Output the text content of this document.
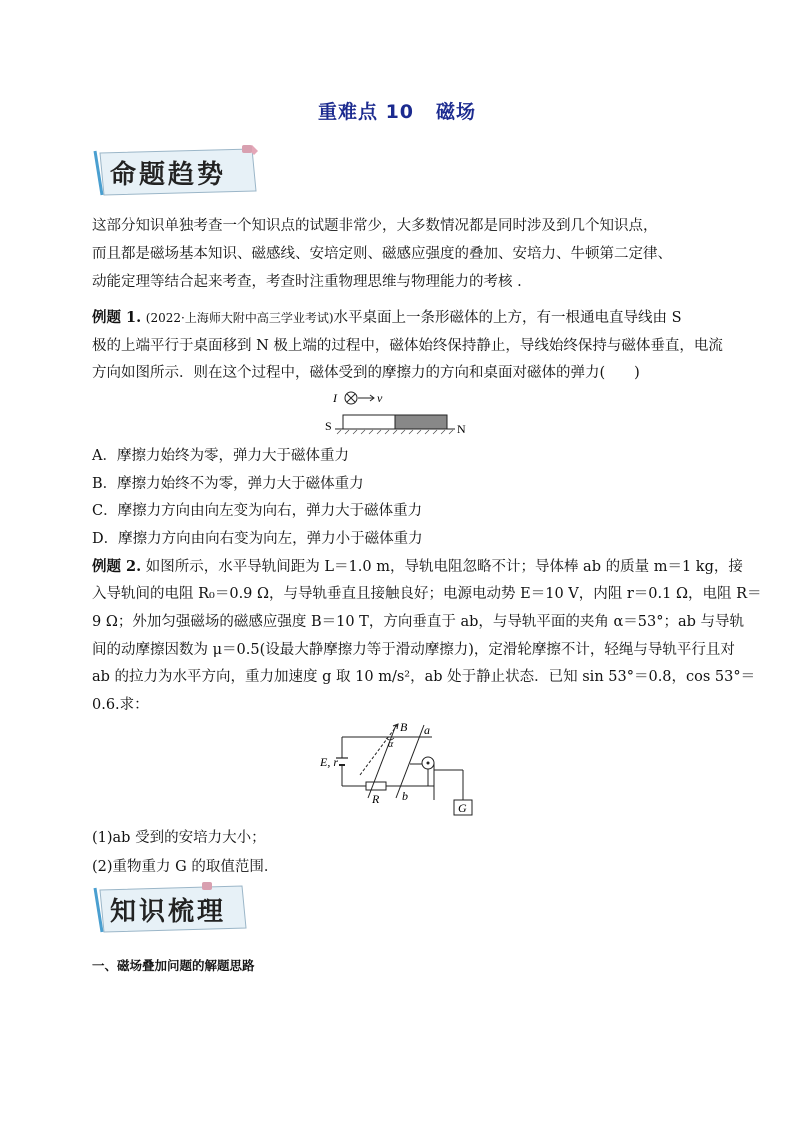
重难点 10 磁场
命题趋势
这部分知识单独考查一个知识点的试题非常少，大多数情况都是同时涉及到几个知识点，
而且都是磁场基本知识、磁感线、安培定则、磁感应强度的叠加、安培力、牛顿第二定律、
动能定理等结合起来考查，考查时注重物理思维与物理能力的考核 .
例题 1. (2022·上海师大附中高三学业考试)水平桌面上一条形磁体的上方，有一根通电直导线由 S
极的上端平行于桌面移到 N 极上端的过程中，磁体始终保持静止，导线始终保持与磁体垂直，电流
方向如图所示．则在这个过程中，磁体受到的摩擦力的方向和桌面对磁体的弹力(　　)
I	v
S	N
A．摩擦力始终为零，弹力大于磁体重力
B．摩擦力始终不为零，弹力大于磁体重力
C．摩擦力方向由向左变为向右，弹力大于磁体重力
D．摩擦力方向由向右变为向左，弹力小于磁体重力
例题 2. 如图所示，水平导轨间距为 L＝1.0 m，导轨电阻忽略不计；导体棒 ab 的质量 m＝1 kg，接
入导轨间的电阻 R₀＝0.9 Ω，与导轨垂直且接触良好；电源电动势 E＝10 V，内阻 r＝0.1 Ω，电阻 R＝
9 Ω；外加匀强磁场的磁感应强度 B＝10 T，方向垂直于 ab，与导轨平面的夹角 α＝53°；ab 与导轨
间的动摩擦因数为 μ＝0.5(设最大静摩擦力等于滑动摩擦力)，定滑轮摩擦不计，轻绳与导轨平行且对
ab 的拉力为水平方向，重力加速度 g 取 10 m/s²，ab 处于静止状态．已知 sin 53°＝0.8，cos 53°＝
0.6.求：
E, r
R
a
b
B
α
G
(1)ab 受到的安培力大小；
(2)重物重力 G 的取值范围．
知识梳理
一、磁场叠加问题的解题思路
